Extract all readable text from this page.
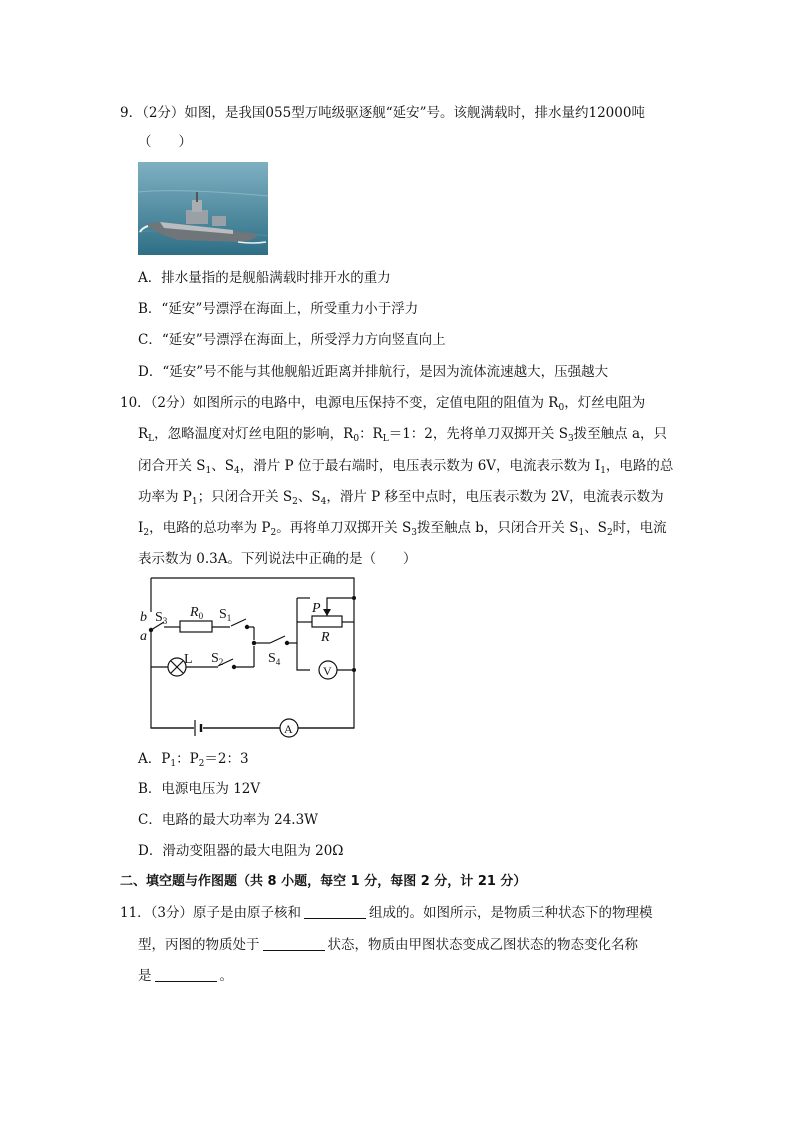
9．（2分）如图，是我国055型万吨级驱逐舰“延安”号。该舰满载时，排水量约12000吨
（　　）
A．排水量指的是舰船满载时排开水的重力
B．“延安”号漂浮在海面上，所受重力小于浮力
C．“延安”号漂浮在海面上，所受浮力方向竖直向上
D．“延安”号不能与其他舰船近距离并排航行，是因为流体流速越大，压强越大
10．（2分）如图所示的电路中，电源电压保持不变，定值电阻的阻值为 $R_0$，灯丝电阻为
$R_L$，忽略温度对灯丝电阻的影响，$R_0$：$R_L=1$：2，先将单刀双掷开关 $S_3$拨至触点 a，只
闭合开关 $S_1$、$S_4$，滑片 P 位于最右端时，电压表示数为 6V，电流表示数为 $I_1$，电路的总
功率为 $P_1$；只闭合开关 $S_2$、$S_4$，滑片 P 移至中点时，电压表示数为 2V，电流表示数为
$I_2$，电路的总功率为 $P_2$。再将单刀双掷开关 $S_3$拨至触点 b，只闭合开关 $S_1$、$S_2$时，电流
表示数为 0.3A。下列说法中正确的是（　　）
b
a
$S_3$
$R_0$ $S_1$
L $S_2$	$S_4$
P
R
V
A
A．$P_1$：$P_2=2$：3
B．电源电压为 12V
C．电路的最大功率为 24.3W
D．滑动变阻器的最大电阻为 20Ω
二、填空题与作图题（共 8 小题，每空 1 分，每图 2 分，计 21 分）
11．（3分）原子是由原子核和	组成的。如图所示，是物质三种状态下的物理模
型，丙图的物质处于	状态，物质由甲图状态变成乙图状态的物态变化名称
是	。
